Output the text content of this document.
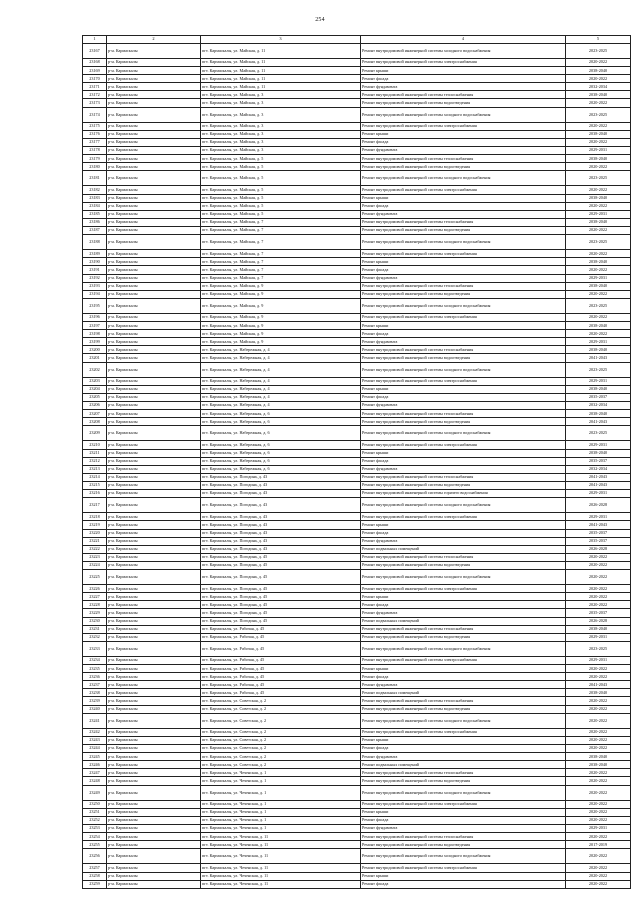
254
1	2	3	4	5
23167	р-н. Кармаскалы	пгт. Кармаскалы, ул. Майская, д. 11	Ремонт внутридомовой инженерной системы холодного водоснабжения	2023-2025
23168	р-н. Кармаскалы	пгт. Кармаскалы, ул. Майская, д. 11	Ремонт внутридомовой инженерной системы электроснабжения	2020-2022
23169	р-н. Кармаскалы	пгт. Кармаскалы, ул. Майская, д. 11	Ремонт крыши	2038-2040
23170	р-н. Кармаскалы	пгт. Кармаскалы, ул. Майская, д. 11	Ремонт фасада	2020-2022
23171	р-н. Кармаскалы	пгт. Кармаскалы, ул. Майская, д. 11	Ремонт фундамента	2032-2034
23172	р-н. Кармаскалы	пгт. Кармаскалы, ул. Майская, д. 3	Ремонт внутридомовой инженерной системы теплоснабжения	2038-2040
23173	р-н. Кармаскалы	пгт. Кармаскалы, ул. Майская, д. 3	Ремонт внутридомовой инженерной системы водоотведения	2020-2022
23174	р-н. Кармаскалы	пгт. Кармаскалы, ул. Майская, д. 3	Ремонт внутридомовой инженерной системы холодного водоснабжения	2023-2025
23175	р-н. Кармаскалы	пгт. Кармаскалы, ул. Майская, д. 3	Ремонт внутридомовой инженерной системы электроснабжения	2020-2022
23176	р-н. Кармаскалы	пгт. Кармаскалы, ул. Майская, д. 3	Ремонт крыши	2038-2040
23177	р-н. Кармаскалы	пгт. Кармаскалы, ул. Майская, д. 3	Ремонт фасада	2020-2022
23178	р-н. Кармаскалы	пгт. Кармаскалы, ул. Майская, д. 3	Ремонт фундамента	2029-2031
23179	р-н. Кармаскалы	пгт. Кармаскалы, ул. Майская, д. 5	Ремонт внутридомовой инженерной системы теплоснабжения	2038-2040
23180	р-н. Кармаскалы	пгт. Кармаскалы, ул. Майская, д. 5	Ремонт внутридомовой инженерной системы водоотведения	2020-2022
23181	р-н. Кармаскалы	пгт. Кармаскалы, ул. Майская, д. 5	Ремонт внутридомовой инженерной системы холодного водоснабжения	2023-2025
23182	р-н. Кармаскалы	пгт. Кармаскалы, ул. Майская, д. 5	Ремонт внутридомовой инженерной системы электроснабжения	2020-2022
23183	р-н. Кармаскалы	пгт. Кармаскалы, ул. Майская, д. 5	Ремонт крыши	2038-2040
23184	р-н. Кармаскалы	пгт. Кармаскалы, ул. Майская, д. 5	Ремонт фасада	2020-2022
23185	р-н. Кармаскалы	пгт. Кармаскалы, ул. Майская, д. 5	Ремонт фундамента	2029-2031
23186	р-н. Кармаскалы	пгт. Кармаскалы, ул. Майская, д. 7	Ремонт внутридомовой инженерной системы теплоснабжения	2038-2040
23187	р-н. Кармаскалы	пгт. Кармаскалы, ул. Майская, д. 7	Ремонт внутридомовой инженерной системы водоотведения	2020-2022
23188	р-н. Кармаскалы	пгт. Кармаскалы, ул. Майская, д. 7	Ремонт внутридомовой инженерной системы холодного водоснабжения	2023-2025
23189	р-н. Кармаскалы	пгт. Кармаскалы, ул. Майская, д. 7	Ремонт внутридомовой инженерной системы электроснабжения	2020-2022
23190	р-н. Кармаскалы	пгт. Кармаскалы, ул. Майская, д. 7	Ремонт крыши	2038-2040
23191	р-н. Кармаскалы	пгт. Кармаскалы, ул. Майская, д. 7	Ремонт фасада	2020-2022
23192	р-н. Кармаскалы	пгт. Кармаскалы, ул. Майская, д. 7	Ремонт фундамента	2029-2031
23193	р-н. Кармаскалы	пгт. Кармаскалы, ул. Майская, д. 9	Ремонт внутридомовой инженерной системы теплоснабжения	2038-2040
23194	р-н. Кармаскалы	пгт. Кармаскалы, ул. Майская, д. 9	Ремонт внутридомовой инженерной системы водоотведения	2020-2022
23195	р-н. Кармаскалы	пгт. Кармаскалы, ул. Майская, д. 9	Ремонт внутридомовой инженерной системы холодного водоснабжения	2023-2025
23196	р-н. Кармаскалы	пгт. Кармаскалы, ул. Майская, д. 9	Ремонт внутридомовой инженерной системы электроснабжения	2020-2022
23197	р-н. Кармаскалы	пгт. Кармаскалы, ул. Майская, д. 9	Ремонт крыши	2038-2040
23198	р-н. Кармаскалы	пгт. Кармаскалы, ул. Майская, д. 9	Ремонт фасада	2020-2022
23199	р-н. Кармаскалы	пгт. Кармаскалы, ул. Майская, д. 9	Ремонт фундамента	2029-2031
23200	р-н. Кармаскалы	пгт. Кармаскалы, ул. Набережная, д. 4	Ремонт внутридомовой инженерной системы теплоснабжения	2038-2040
23201	р-н. Кармаскалы	пгт. Кармаскалы, ул. Набережная, д. 4	Ремонт внутридомовой инженерной системы водоотведения	2041-2043
23202	р-н. Кармаскалы	пгт. Кармаскалы, ул. Набережная, д. 4	Ремонт внутридомовой инженерной системы холодного водоснабжения	2023-2025
23203	р-н. Кармаскалы	пгт. Кармаскалы, ул. Набережная, д. 4	Ремонт внутридомовой инженерной системы электроснабжения	2029-2031
23204	р-н. Кармаскалы	пгт. Кармаскалы, ул. Набережная, д. 4	Ремонт крыши	2038-2040
23205	р-н. Кармаскалы	пгт. Кармаскалы, ул. Набережная, д. 4	Ремонт фасада	2035-2037
23206	р-н. Кармаскалы	пгт. Кармаскалы, ул. Набережная, д. 4	Ремонт фундамента	2032-2034
23207	р-н. Кармаскалы	пгт. Кармаскалы, ул. Набережная, д. 6	Ремонт внутридомовой инженерной системы теплоснабжения	2038-2040
23208	р-н. Кармаскалы	пгт. Кармаскалы, ул. Набережная, д. 6	Ремонт внутридомовой инженерной системы водоотведения	2041-2043
23209	р-н. Кармаскалы	пгт. Кармаскалы, ул. Набережная, д. 6	Ремонт внутридомовой инженерной системы холодного водоснабжения	2023-2025
23210	р-н. Кармаскалы	пгт. Кармаскалы, ул. Набережная, д. 6	Ремонт внутридомовой инженерной системы электроснабжения	2029-2031
23211	р-н. Кармаскалы	пгт. Кармаскалы, ул. Набережная, д. 6	Ремонт крыши	2038-2040
23212	р-н. Кармаскалы	пгт. Кармаскалы, ул. Набережная, д. 6	Ремонт фасада	2035-2037
23213	р-н. Кармаскалы	пгт. Кармаскалы, ул. Набережная, д. 6	Ремонт фундамента	2032-2034
23214	р-н. Кармаскалы	пгт. Кармаскалы, ул. Погодина, д. 43	Ремонт внутридомовой инженерной системы теплоснабжения	2041-2043
23215	р-н. Кармаскалы	пгт. Кармаскалы, ул. Погодина, д. 43	Ремонт внутридомовой инженерной системы водоотведения	2041-2043
23216	р-н. Кармаскалы	пгт. Кармаскалы, ул. Погодина, д. 43	Ремонт внутридомовой инженерной системы горячего водоснабжения	2029-2031
23217	р-н. Кармаскалы	пгт. Кармаскалы, ул. Погодина, д. 43	Ремонт внутридомовой инженерной системы холодного водоснабжения	2026-2028
23218	р-н. Кармаскалы	пгт. Кармаскалы, ул. Погодина, д. 43	Ремонт внутридомовой инженерной системы электроснабжения	2029-2031
23219	р-н. Кармаскалы	пгт. Кармаскалы, ул. Погодина, д. 43	Ремонт крыши	2041-2043
23220	р-н. Кармаскалы	пгт. Кармаскалы, ул. Погодина, д. 43	Ремонт фасада	2035-2037
23221	р-н. Кармаскалы	пгт. Кармаскалы, ул. Погодина, д. 43	Ремонт фундамента	2035-2037
23222	р-н. Кармаскалы	пгт. Кармаскалы, ул. Погодина, д. 43	Ремонт подвальных помещений	2026-2028
23223	р-н. Кармаскалы	пгт. Кармаскалы, ул. Погодина, д. 45	Ремонт внутридомовой инженерной системы теплоснабжения	2020-2022
23224	р-н. Кармаскалы	пгт. Кармаскалы, ул. Погодина, д. 45	Ремонт внутридомовой инженерной системы водоотведения	2020-2022
23225	р-н. Кармаскалы	пгт. Кармаскалы, ул. Погодина, д. 45	Ремонт внутридомовой инженерной системы холодного водоснабжения	2020-2022
23226	р-н. Кармаскалы	пгт. Кармаскалы, ул. Погодина, д. 45	Ремонт внутридомовой инженерной системы электроснабжения	2020-2022
23227	р-н. Кармаскалы	пгт. Кармаскалы, ул. Погодина, д. 45	Ремонт крыши	2020-2022
23228	р-н. Кармаскалы	пгт. Кармаскалы, ул. Погодина, д. 45	Ремонт фасада	2020-2022
23229	р-н. Кармаскалы	пгт. Кармаскалы, ул. Погодина, д. 45	Ремонт фундамента	2035-2037
23230	р-н. Кармаскалы	пгт. Кармаскалы, ул. Погодина, д. 45	Ремонт подвальных помещений	2026-2028
23231	р-н. Кармаскалы	пгт. Кармаскалы, ул. Рабочая, д. 45	Ремонт внутридомовой инженерной системы теплоснабжения	2038-2040
23232	р-н. Кармаскалы	пгт. Кармаскалы, ул. Рабочая, д. 45	Ремонт внутридомовой инженерной системы водоотведения	2029-2031
23233	р-н. Кармаскалы	пгт. Кармаскалы, ул. Рабочая, д. 45	Ремонт внутридомовой инженерной системы холодного водоснабжения	2023-2025
23234	р-н. Кармаскалы	пгт. Кармаскалы, ул. Рабочая, д. 45	Ремонт внутридомовой инженерной системы электроснабжения	2029-2031
23235	р-н. Кармаскалы	пгт. Кармаскалы, ул. Рабочая, д. 45	Ремонт крыши	2020-2022
23236	р-н. Кармаскалы	пгт. Кармаскалы, ул. Рабочая, д. 45	Ремонт фасада	2020-2022
23237	р-н. Кармаскалы	пгт. Кармаскалы, ул. Рабочая, д. 45	Ремонт фундамента	2041-2043
23238	р-н. Кармаскалы	пгт. Кармаскалы, ул. Рабочая, д. 45	Ремонт подвальных помещений	2038-2040
23239	р-н. Кармаскалы	пгт. Кармаскалы, ул. Советская, д. 2	Ремонт внутридомовой инженерной системы теплоснабжения	2020-2022
23240	р-н. Кармаскалы	пгт. Кармаскалы, ул. Советская, д. 2	Ремонт внутридомовой инженерной системы водоотведения	2020-2022
23241	р-н. Кармаскалы	пгт. Кармаскалы, ул. Советская, д. 2	Ремонт внутридомовой инженерной системы холодного водоснабжения	2020-2022
23242	р-н. Кармаскалы	пгт. Кармаскалы, ул. Советская, д. 2	Ремонт внутридомовой инженерной системы электроснабжения	2020-2022
23243	р-н. Кармаскалы	пгт. Кармаскалы, ул. Советская, д. 2	Ремонт крыши	2020-2022
23244	р-н. Кармаскалы	пгт. Кармаскалы, ул. Советская, д. 2	Ремонт фасада	2020-2022
23245	р-н. Кармаскалы	пгт. Кармаскалы, ул. Советская, д. 2	Ремонт фундамента	2038-2040
23246	р-н. Кармаскалы	пгт. Кармаскалы, ул. Советская, д. 2	Ремонт подвальных помещений	2038-2040
23247	р-н. Кармаскалы	пгт. Кармаскалы, ул. Чеченская, д. 1	Ремонт внутридомовой инженерной системы теплоснабжения	2020-2022
23248	р-н. Кармаскалы	пгт. Кармаскалы, ул. Чеченская, д. 1	Ремонт внутридомовой инженерной системы водоотведения	2020-2022
23249	р-н. Кармаскалы	пгт. Кармаскалы, ул. Чеченская, д. 1	Ремонт внутридомовой инженерной системы холодного водоснабжения	2020-2022
23250	р-н. Кармаскалы	пгт. Кармаскалы, ул. Чеченская, д. 1	Ремонт внутридомовой инженерной системы электроснабжения	2020-2022
23251	р-н. Кармаскалы	пгт. Кармаскалы, ул. Чеченская, д. 1	Ремонт крыши	2020-2022
23252	р-н. Кармаскалы	пгт. Кармаскалы, ул. Чеченская, д. 1	Ремонт фасада	2020-2022
23253	р-н. Кармаскалы	пгт. Кармаскалы, ул. Чеченская, д. 1	Ремонт фундамента	2029-2031
23254	р-н. Кармаскалы	пгт. Кармаскалы, ул. Чеченская, д. 11	Ремонт внутридомовой инженерной системы теплоснабжения	2020-2022
23255	р-н. Кармаскалы	пгт. Кармаскалы, ул. Чеченская, д. 11	Ремонт внутридомовой инженерной системы водоотведения	2017-2019
23256	р-н. Кармаскалы	пгт. Кармаскалы, ул. Чеченская, д. 11	Ремонт внутридомовой инженерной системы холодного водоснабжения	2020-2022
23257	р-н. Кармаскалы	пгт. Кармаскалы, ул. Чеченская, д. 11	Ремонт внутридомовой инженерной системы электроснабжения	2020-2022
23258	р-н. Кармаскалы	пгт. Кармаскалы, ул. Чеченская, д. 11	Ремонт крыши	2020-2022
23259	р-н. Кармаскалы	пгт. Кармаскалы, ул. Чеченская, д. 11	Ремонт фасада	2020-2022
